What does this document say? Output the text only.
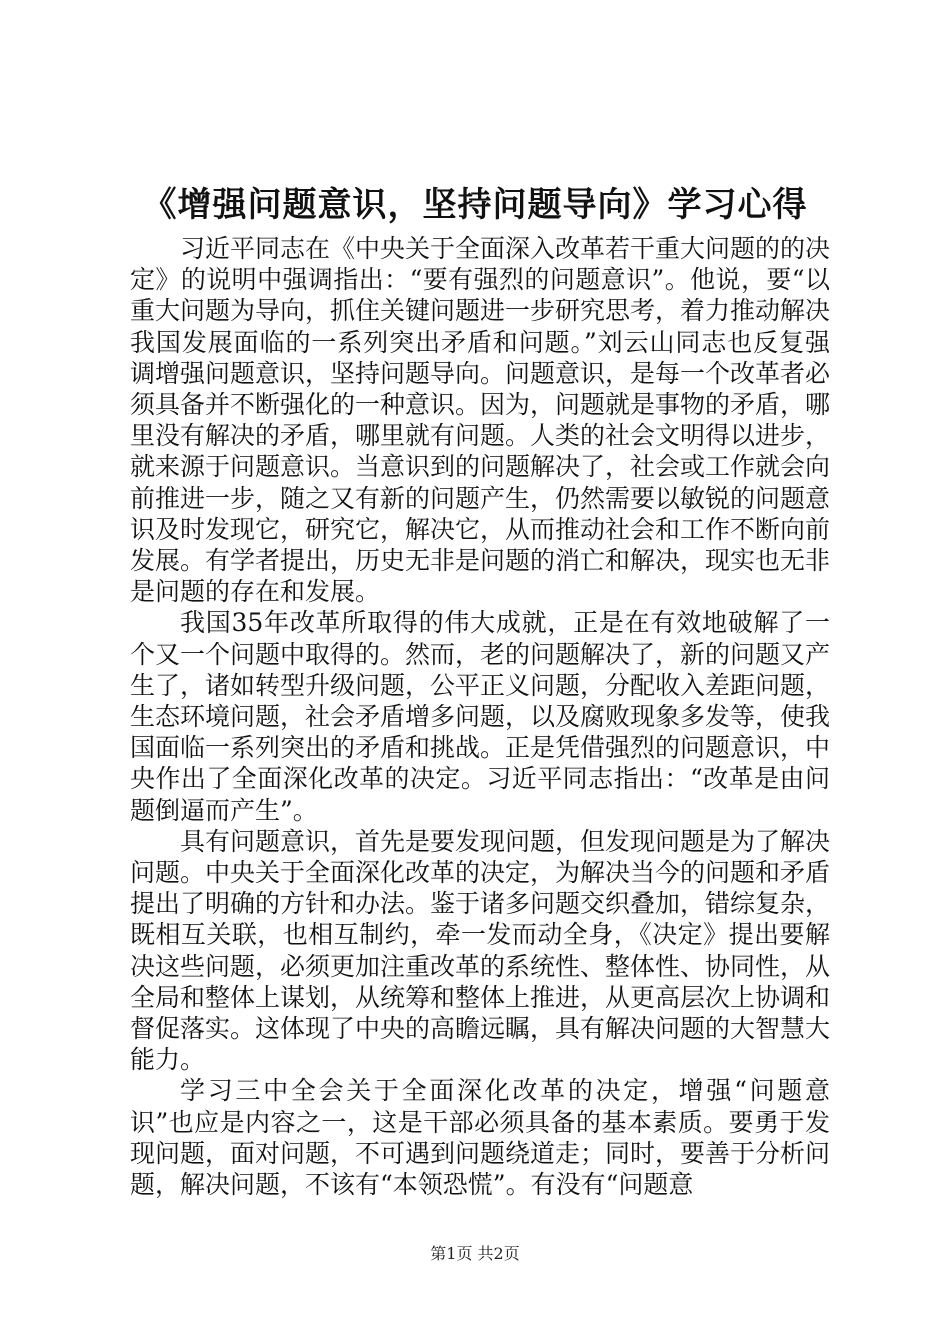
《增强问题意识，坚持问题导向》学习心得

习近平同志在《中央关于全面深入改革若干重大问题的的决定》的说明中强调指出：“要有强烈的问题意识”。他说，要“以重大问题为导向，抓住关键问题进一步研究思考，着力推动解决我国发展面临的一系列突出矛盾和问题。”刘云山同志也反复强调增强问题意识，坚持问题导向。问题意识，是每一个改革者必须具备并不断强化的一种意识。因为，问题就是事物的矛盾，哪里没有解决的矛盾，哪里就有问题。人类的社会文明得以进步，就来源于问题意识。当意识到的问题解决了，社会或工作就会向前推进一步，随之又有新的问题产生，仍然需要以敏锐的问题意识及时发现它，研究它，解决它，从而推动社会和工作不断向前发展。有学者提出，历史无非是问题的消亡和解决，现实也无非是问题的存在和发展。

我国35年改革所取得的伟大成就，正是在有效地破解了一个又一个问题中取得的。然而，老的问题解决了，新的问题又产生了，诸如转型升级问题，公平正义问题，分配收入差距问题，生态环境问题，社会矛盾增多问题，以及腐败现象多发等，使我国面临一系列突出的矛盾和挑战。正是凭借强烈的问题意识，中央作出了全面深化改革的决定。习近平同志指出：“改革是由问题倒逼而产生”。

具有问题意识，首先是要发现问题，但发现问题是为了解决问题。中央关于全面深化改革的决定，为解决当今的问题和矛盾提出了明确的方针和办法。鉴于诸多问题交织叠加，错综复杂，既相互关联，也相互制约，牵一发而动全身，《决定》提出要解决这些问题，必须更加注重改革的系统性、整体性、协同性，从全局和整体上谋划，从统筹和整体上推进，从更高层次上协调和督促落实。这体现了中央的高瞻远瞩，具有解决问题的大智慧大能力。

学习三中全会关于全面深化改革的决定，增强“问题意识”也应是内容之一，这是干部必须具备的基本素质。要勇于发现问题，面对问题，不可遇到问题绕道走；同时，要善于分析问题，解决问题，不该有“本领恐慌”。有没有“问题意

第1页 共2页
